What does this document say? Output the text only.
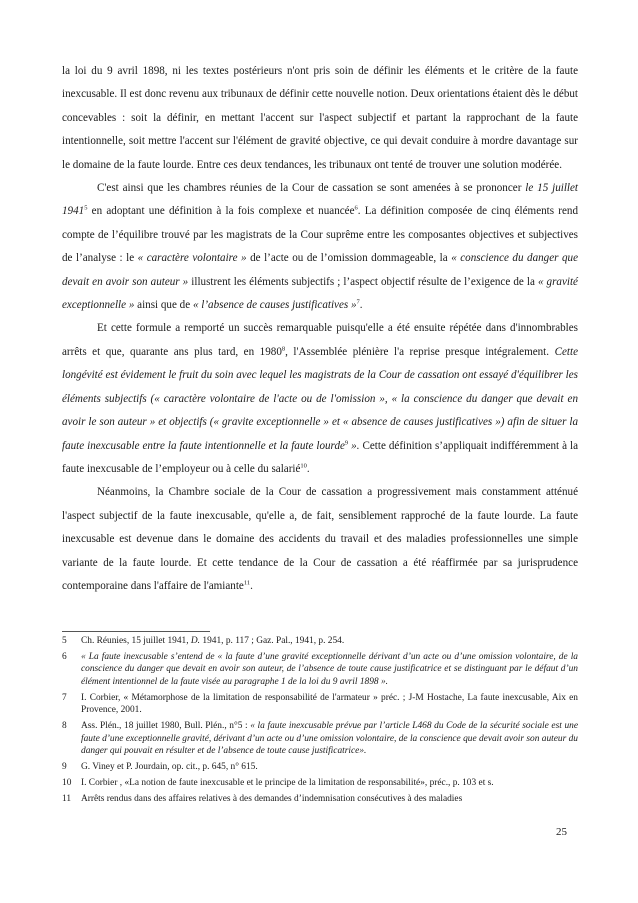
la loi du 9 avril 1898, ni les textes postérieurs n'ont pris soin de définir les éléments et le critère de la faute inexcusable. Il est donc revenu aux tribunaux de définir cette nouvelle notion. Deux orientations étaient dès le début concevables : soit la définir, en mettant l'accent sur l'aspect subjectif et partant la rapprochant de la faute intentionnelle, soit mettre l'accent sur l'élément de gravité objective, ce qui devait conduire à mordre davantage sur le domaine de la faute lourde. Entre ces deux tendances, les tribunaux ont tenté de trouver une solution modérée.

C'est ainsi que les chambres réunies de la Cour de cassation se sont amenées à se prononcer le 15 juillet 1941$^5$ en adoptant une définition à la fois complexe et nuancée$^6$. La définition composée de cinq éléments rend compte de l’équilibre trouvé par les magistrats de la Cour suprême entre les composantes objectives et subjectives de l’analyse : le « caractère volontaire » de l’acte ou de l’omission dommageable, la « conscience du danger que devait en avoir son auteur » illustrent les éléments subjectifs ; l’aspect objectif résulte de l’exigence de la « gravité exceptionnelle » ainsi que de « l’absence de causes justificatives »$^7$.

Et cette formule a remporté un succès remarquable puisqu'elle a été ensuite répétée dans d'innombrables arrêts et que, quarante ans plus tard, en 1980$^8$, l'Assemblée plénière l'a reprise presque intégralement. Cette longévité est évidement le fruit du soin avec lequel les magistrats de la Cour de cassation ont essayé d'équilibrer les éléments subjectifs (« caractère volontaire de l'acte ou de l'omission », « la conscience du danger que devait en avoir le son auteur » et objectifs (« gravite exceptionnelle » et « absence de causes justificatives ») afin de situer la faute inexcusable entre la faute intentionnelle et la faute lourde$^9$ ». Cette définition s’appliquait indifféremment à la faute inexcusable de l’employeur ou à celle du salarié$^{10}$.

Néanmoins, la Chambre sociale de la Cour de cassation a progressivement mais constamment atténué l'aspect subjectif de la faute inexcusable, qu'elle a, de fait, sensiblement rapproché de la faute lourde. La faute inexcusable est devenue dans le domaine des accidents du travail et des maladies professionnelles une simple variante de la faute lourde. Et cette tendance de la Cour de cassation a été réaffirmée par sa jurisprudence contemporaine dans l'affaire de l'amiante$^{11}$.

5	Ch. Réunies, 15 juillet 1941, D. 1941, p. 117 ; Gaz. Pal., 1941, p. 254.
6	« La faute inexcusable s’entend de « la faute d’une gravité exceptionnelle dérivant d’un acte ou d’une omission volontaire, de la conscience du danger que devait en avoir son auteur, de l’absence de toute cause justificatrice et se distinguant par le défaut d’un élément intentionnel de la faute visée au paragraphe 1 de la loi du 9 avril 1898 ».
7	I. Corbier, « Métamorphose de la limitation de responsabilité de l'armateur » préc. ; J-M Hostache, La faute inexcusable, Aix en Provence, 2001.
8	Ass. Plén., 18 juillet 1980, Bull. Plén., n°5 : « la faute inexcusable prévue par l’article L468 du Code de la sécurité sociale est une faute d’une exceptionnelle gravité, dérivant d’un acte ou d’une omission volontaire, de la conscience que devait avoir son auteur du danger qui pouvait en résulter et de l’absence de toute cause justificatrice».
9	G. Viney et P. Jourdain, op. cit., p. 645, n° 615.
10	I. Corbier , «La notion de faute inexcusable et le principe de la limitation de responsabilité», préc., p. 103 et s.
11	Arrêts rendus dans des affaires relatives à des demandes d’indemnisation consécutives à des maladies
25
